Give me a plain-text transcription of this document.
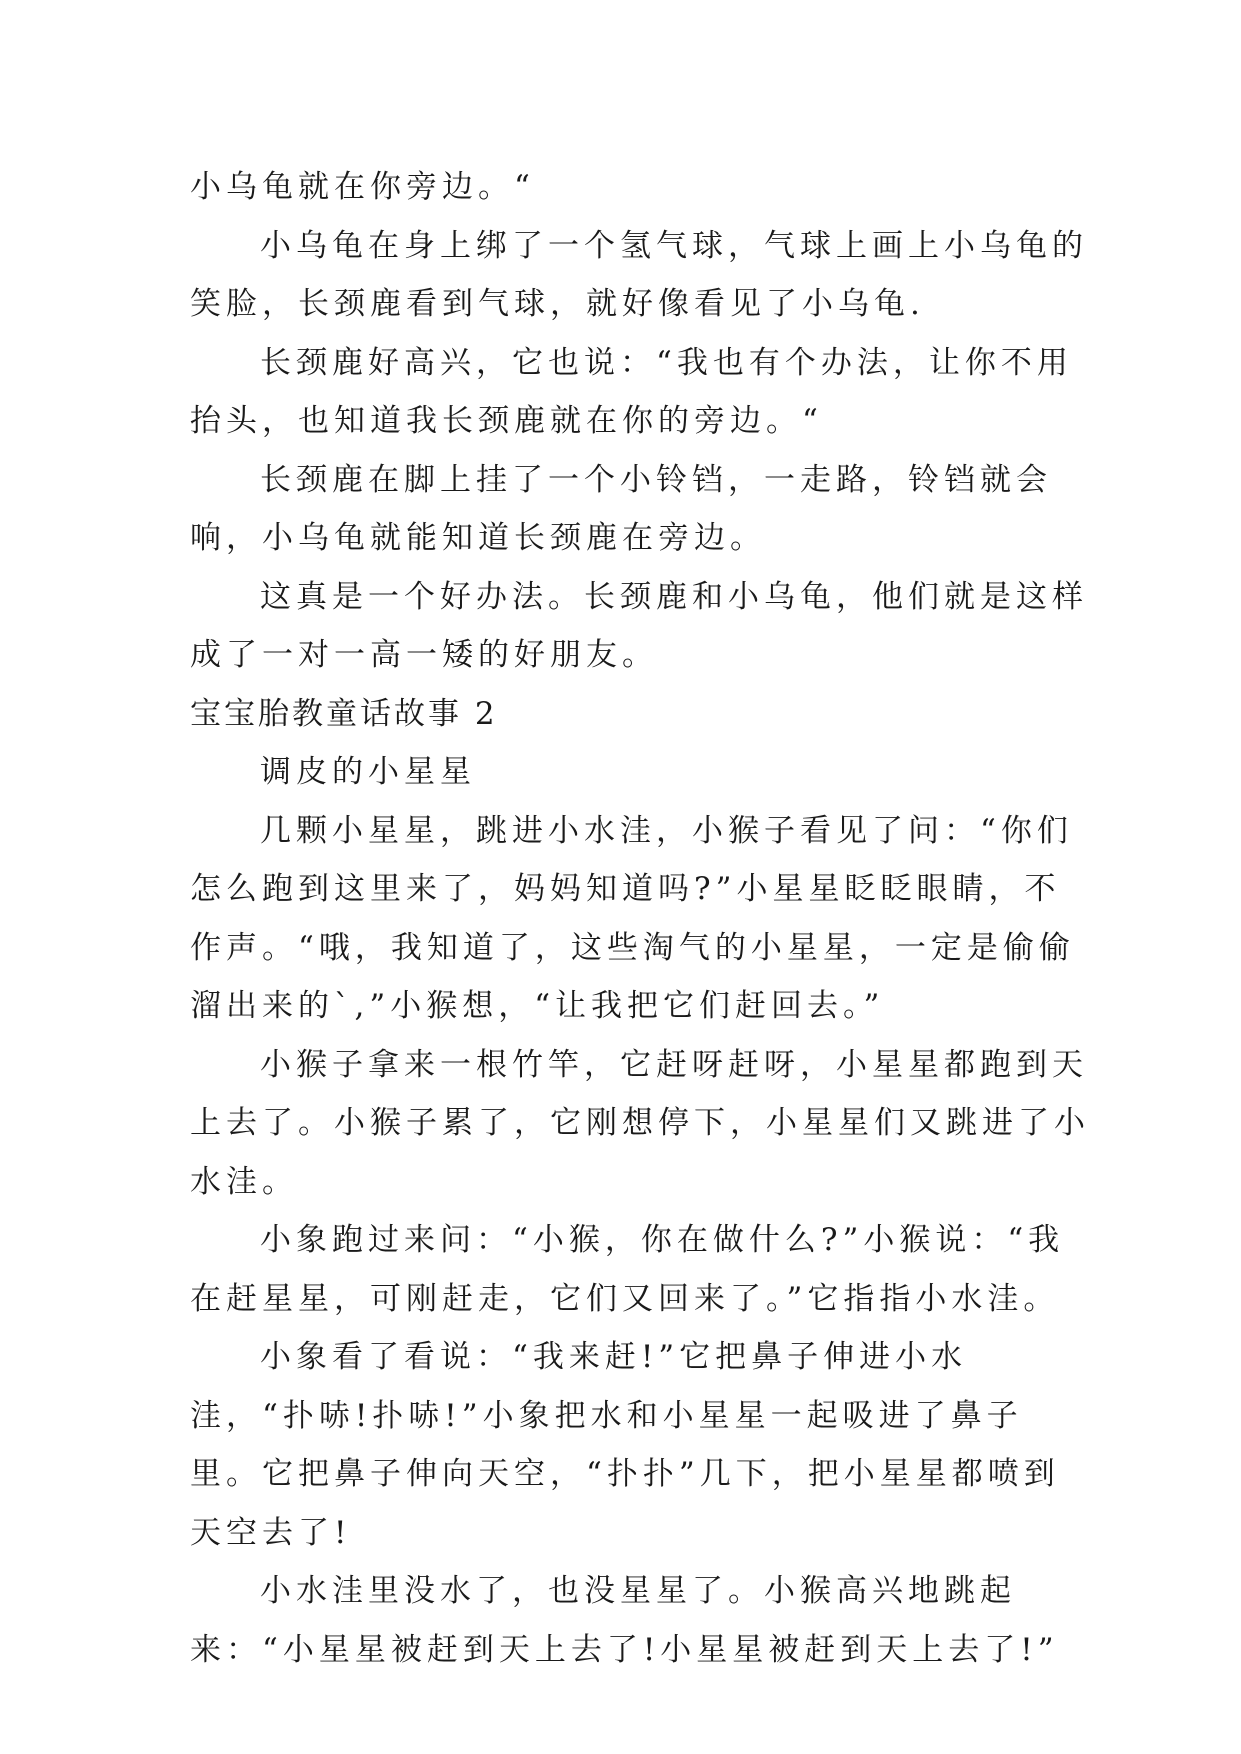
小乌龟就在你旁边。“

小乌龟在身上绑了一个氢气球，气球上画上小乌龟的笑脸，长颈鹿看到气球，就好像看见了小乌龟.

长颈鹿好高兴，它也说：“我也有个办法，让你不用抬头，也知道我长颈鹿就在你的旁边。“

长颈鹿在脚上挂了一个小铃铛，一走路，铃铛就会响，小乌龟就能知道长颈鹿在旁边。

这真是一个好办法。长颈鹿和小乌龟，他们就是这样成了一对一高一矮的好朋友。

宝宝胎教童话故事 2

调皮的小星星

几颗小星星，跳进小水洼，小猴子看见了问：“你们怎么跑到这里来了，妈妈知道吗?”小星星眨眨眼睛，不作声。“哦，我知道了，这些淘气的小星星，一定是偷偷溜出来的`,”小猴想，“让我把它们赶回去。”

小猴子拿来一根竹竿，它赶呀赶呀，小星星都跑到天上去了。小猴子累了，它刚想停下，小星星们又跳进了小水洼。

小象跑过来问：“小猴，你在做什么?”小猴说：“我在赶星星，可刚赶走，它们又回来了。”它指指小水洼。

小象看了看说：“我来赶!”它把鼻子伸进小水洼，“扑哧!扑哧!”小象把水和小星星一起吸进了鼻子里。它把鼻子伸向天空，“扑扑”几下，把小星星都喷到天空去了!

小水洼里没水了，也没星星了。小猴高兴地跳起来：“小星星被赶到天上去了!小星星被赶到天上去了!”
